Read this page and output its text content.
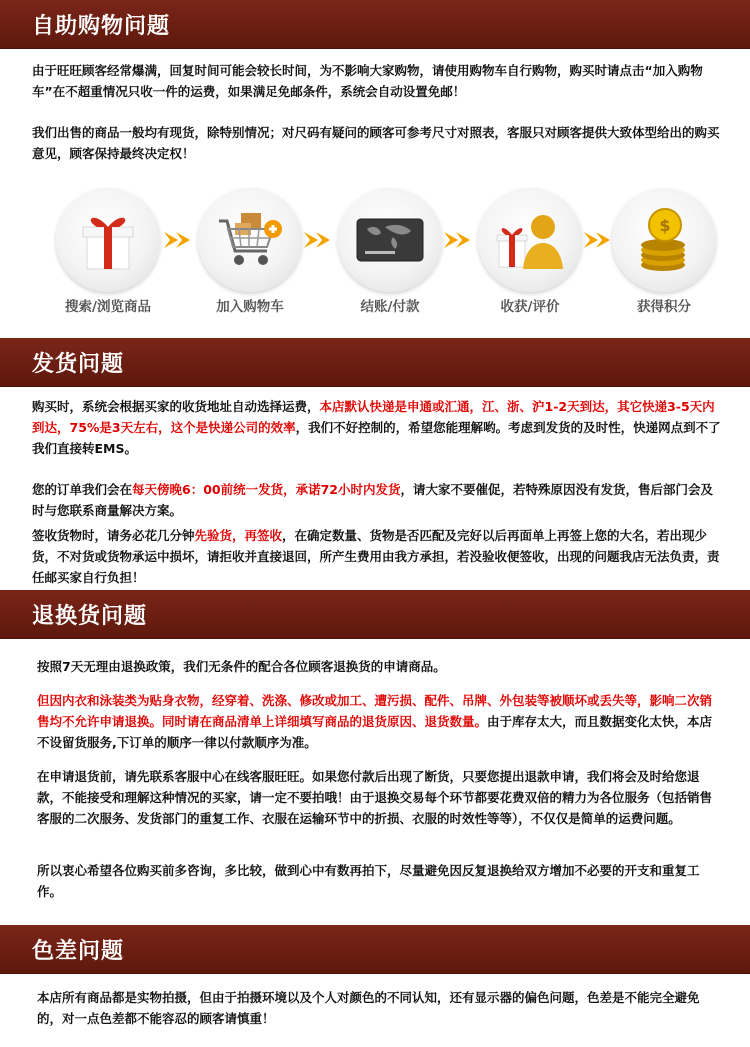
自助购物问题
由于旺旺顾客经常爆满，回复时间可能会较长时间，为不影响大家购物，请使用购物车自行购物，购买时请点击“加入购物车”在不超重情况只收一件的运费，如果满足免邮条件，系统会自动设置免邮！
我们出售的商品一般均有现货，除特别情况；对尺码有疑问的顾客可参考尺寸对照表，客服只对顾客提供大致体型给出的购买意见，顾客保持最终决定权！
搜索/浏览商品	加入购物车	结账/付款	收获/评价
$
获得积分
发货问题
购买时，系统会根据买家的收货地址自动选择运费，本店默认快递是申通或汇通，江、浙、沪1-2天到达，其它快递3-5天内到达，75%是3天左右，这个是快递公司的效率，我们不好控制的，希望您能理解哟。考虑到发货的及时性，快递网点到不了我们直接转EMS。
您的订单我们会在每天傍晚6：00前统一发货，承诺72小时内发货，请大家不要催促，若特殊原因没有发货，售后部门会及时与您联系商量解决方案。
签收货物时，请务必花几分钟先验货，再签收，在确定数量、货物是否匹配及完好以后再面单上再签上您的大名，若出现少货，不对货或货物承运中损坏，请拒收并直接退回，所产生费用由我方承担，若没验收便签收，出现的问题我店无法负责，责任邮买家自行负担！
退换货问题
按照7天无理由退换政策，我们无条件的配合各位顾客退换货的申请商品。
但因内衣和泳装类为贴身衣物，经穿着、洗涤、修改或加工、遭污损、配件、吊牌、外包装等被顺坏或丢失等，影响二次销售均不允许申请退换。同时请在商品清单上详细填写商品的退货原因、退货数量。由于库存太大，而且数据变化太快，本店不设留货服务,下订单的顺序一律以付款顺序为准。
在申请退货前，请先联系客服中心在线客服旺旺。如果您付款后出现了断货，只要您提出退款申请，我们将会及时给您退款，不能接受和理解这种情况的买家，请一定不要拍哦！由于退换交易每个环节都要花费双倍的精力为各位服务（包括销售客服的二次服务、发货部门的重复工作、衣服在运输环节中的折损、衣服的时效性等等），不仅仅是简单的运费问题。
所以衷心希望各位购买前多咨询，多比较，做到心中有数再拍下，尽量避免因反复退换给双方增加不必要的开支和重复工作。
色差问题
本店所有商品都是实物拍摄，但由于拍摄环境以及个人对颜色的不同认知，还有显示器的偏色问题，色差是不能完全避免的，对一点色差都不能容忍的顾客请慎重！
